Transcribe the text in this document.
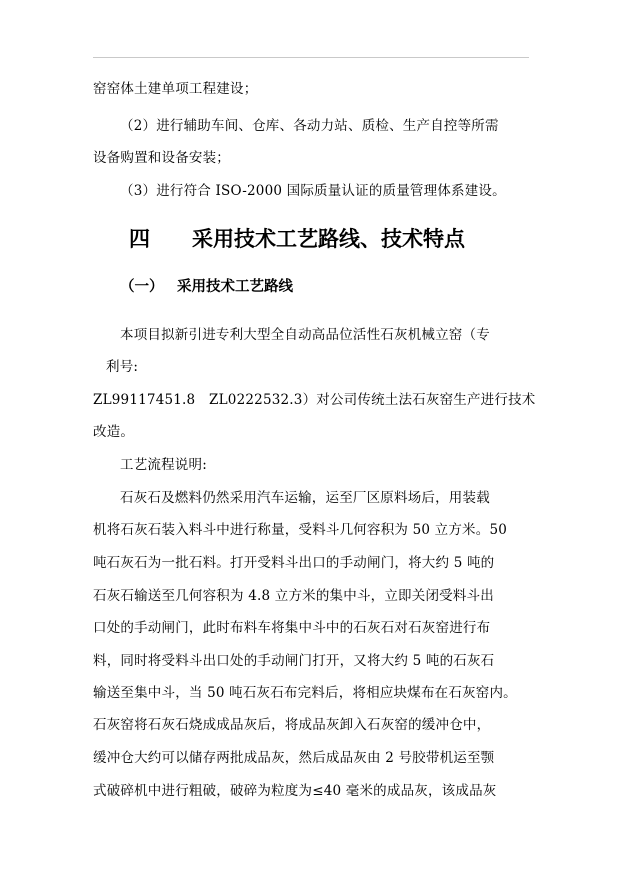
窑窑体土建单项工程建设；
（2）进行辅助车间、仓库、各动力站、质检、生产自控等所需
设备购置和设备安装；
（3）进行符合 ISO-2000 国际质量认证的质量管理体系建设。
四 采用技术工艺路线、技术特点
（一） 采用技术工艺路线
本项目拟新引进专利大型全自动高品位活性石灰机械立窑（专
利号:
ZL99117451.8　ZL0222532.3）对公司传统土法石灰窑生产进行技术
改造。
工艺流程说明:
石灰石及燃料仍然采用汽车运输，运至厂区原料场后，用装载
机将石灰石装入料斗中进行称量，受料斗几何容积为 50 立方米。50
吨石灰石为一批石料。打开受料斗出口的手动闸门，将大约 5 吨的
石灰石输送至几何容积为 4.8 立方米的集中斗，立即关闭受料斗出
口处的手动闸门，此时布料车将集中斗中的石灰石对石灰窑进行布
料，同时将受料斗出口处的手动闸门打开，又将大约 5 吨的石灰石
输送至集中斗，当 50 吨石灰石布完料后，将相应块煤布在石灰窑内。
石灰窑将石灰石烧成成品灰后，将成品灰卸入石灰窑的缓冲仓中，
缓冲仓大约可以储存两批成品灰，然后成品灰由 2 号胶带机运至颚
式破碎机中进行粗破，破碎为粒度为≤40 毫米的成品灰，该成品灰
